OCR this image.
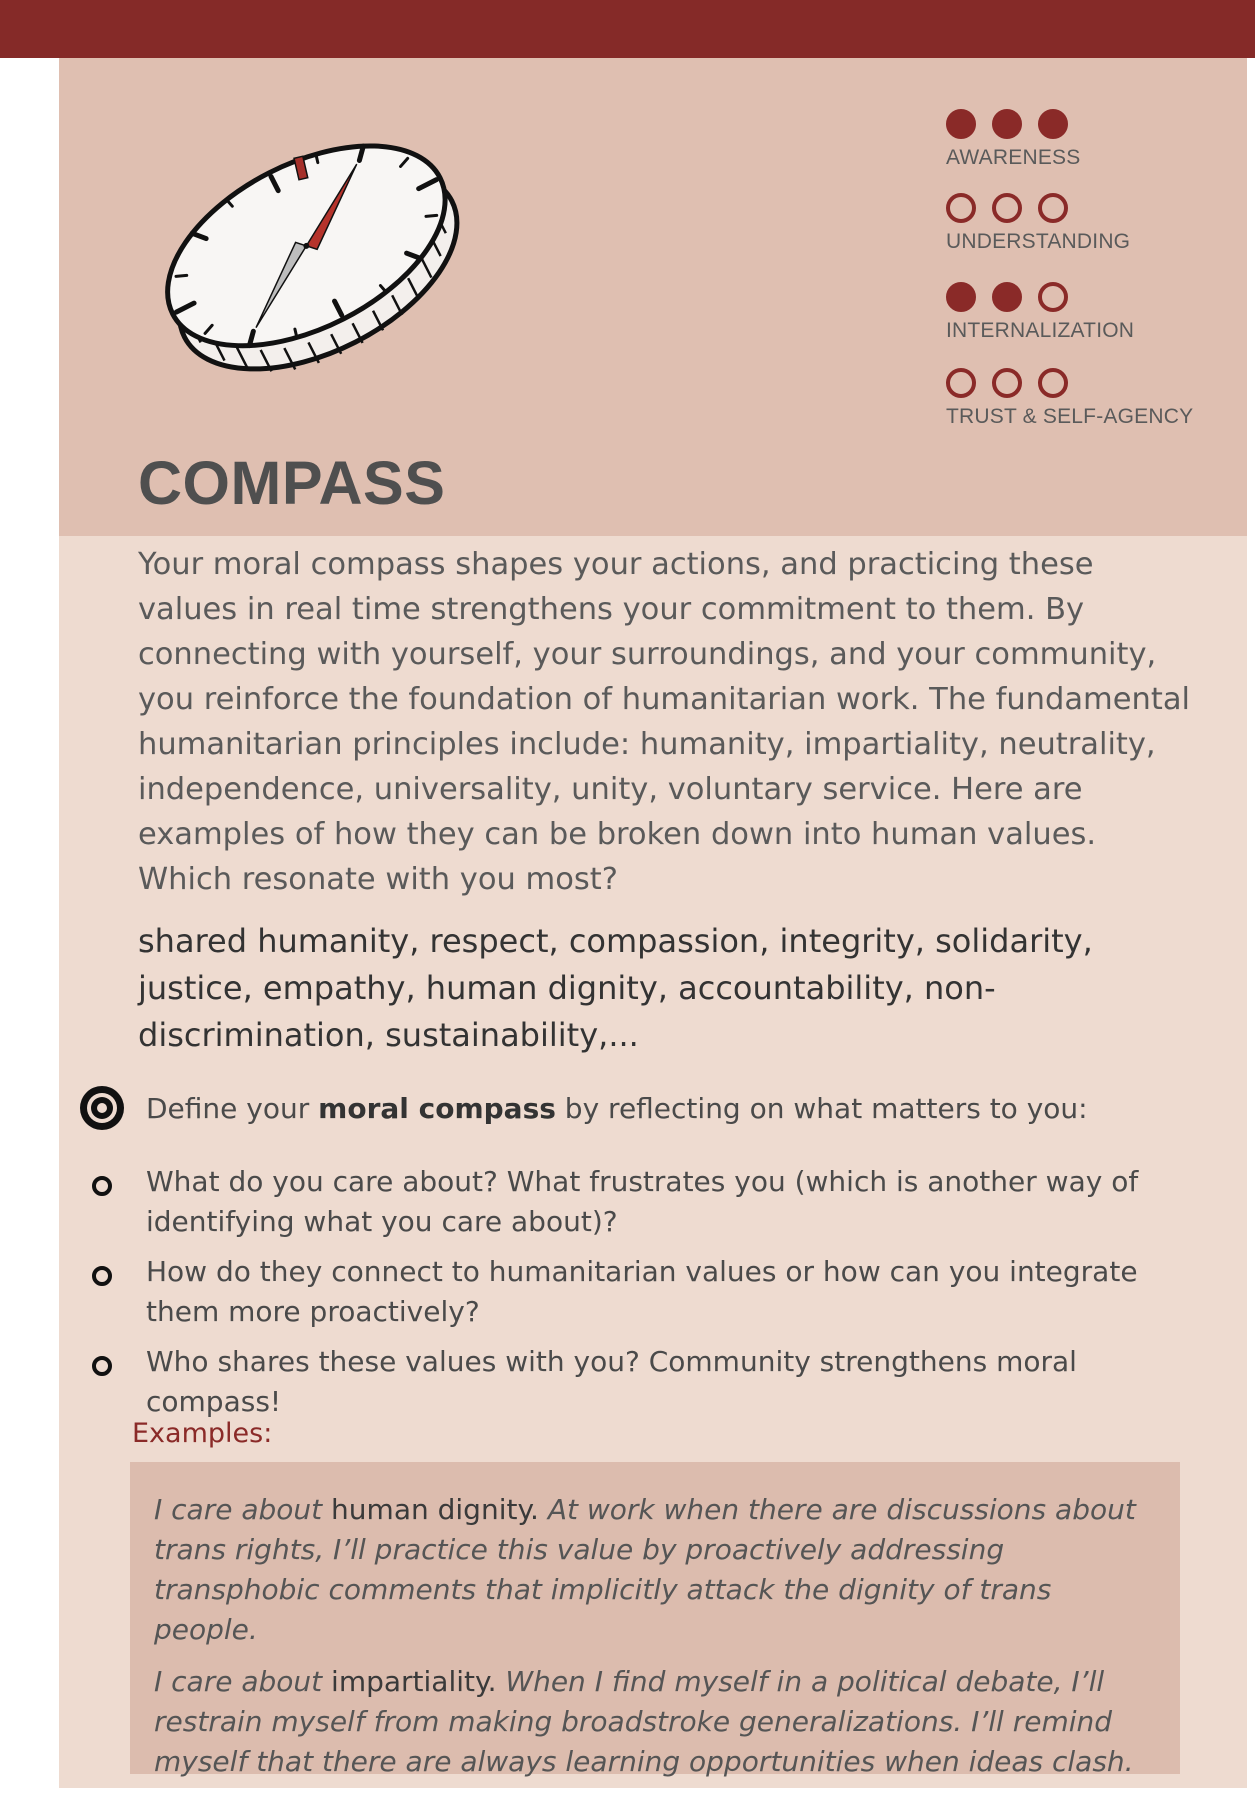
AWARENESS
UNDERSTANDING
INTERNALIZATION
TRUST & SELF-AGENCY
COMPASS

Your moral compass shapes your actions, and practicing these values in real time strengthens your commitment to them. By connecting with yourself, your surroundings, and your community, you reinforce the foundation of humanitarian work. The fundamental humanitarian principles include: humanity, impartiality, neutrality, independence, universality, unity, voluntary service. Here are examples of how they can be broken down into human values. Which resonate with you most?

shared humanity, respect, compassion, integrity, solidarity, justice, empathy, human dignity, accountability, non-discrimination, sustainability,...

Define your moral compass by reflecting on what matters to you:
What do you care about? What frustrates you (which is another way of identifying what you care about)?
How do they connect to humanitarian values or how can you integrate them more proactively?
Who shares these values with you? Community strengthens moral compass!
Examples:

I care about human dignity. At work when there are discussions about trans rights, I’ll practice this value by proactively addressing transphobic comments that implicitly attack the dignity of trans people.

I care about impartiality. When I find myself in a political debate, I’ll restrain myself from making broadstroke generalizations. I’ll remind myself that there are always learning opportunities when ideas clash.
